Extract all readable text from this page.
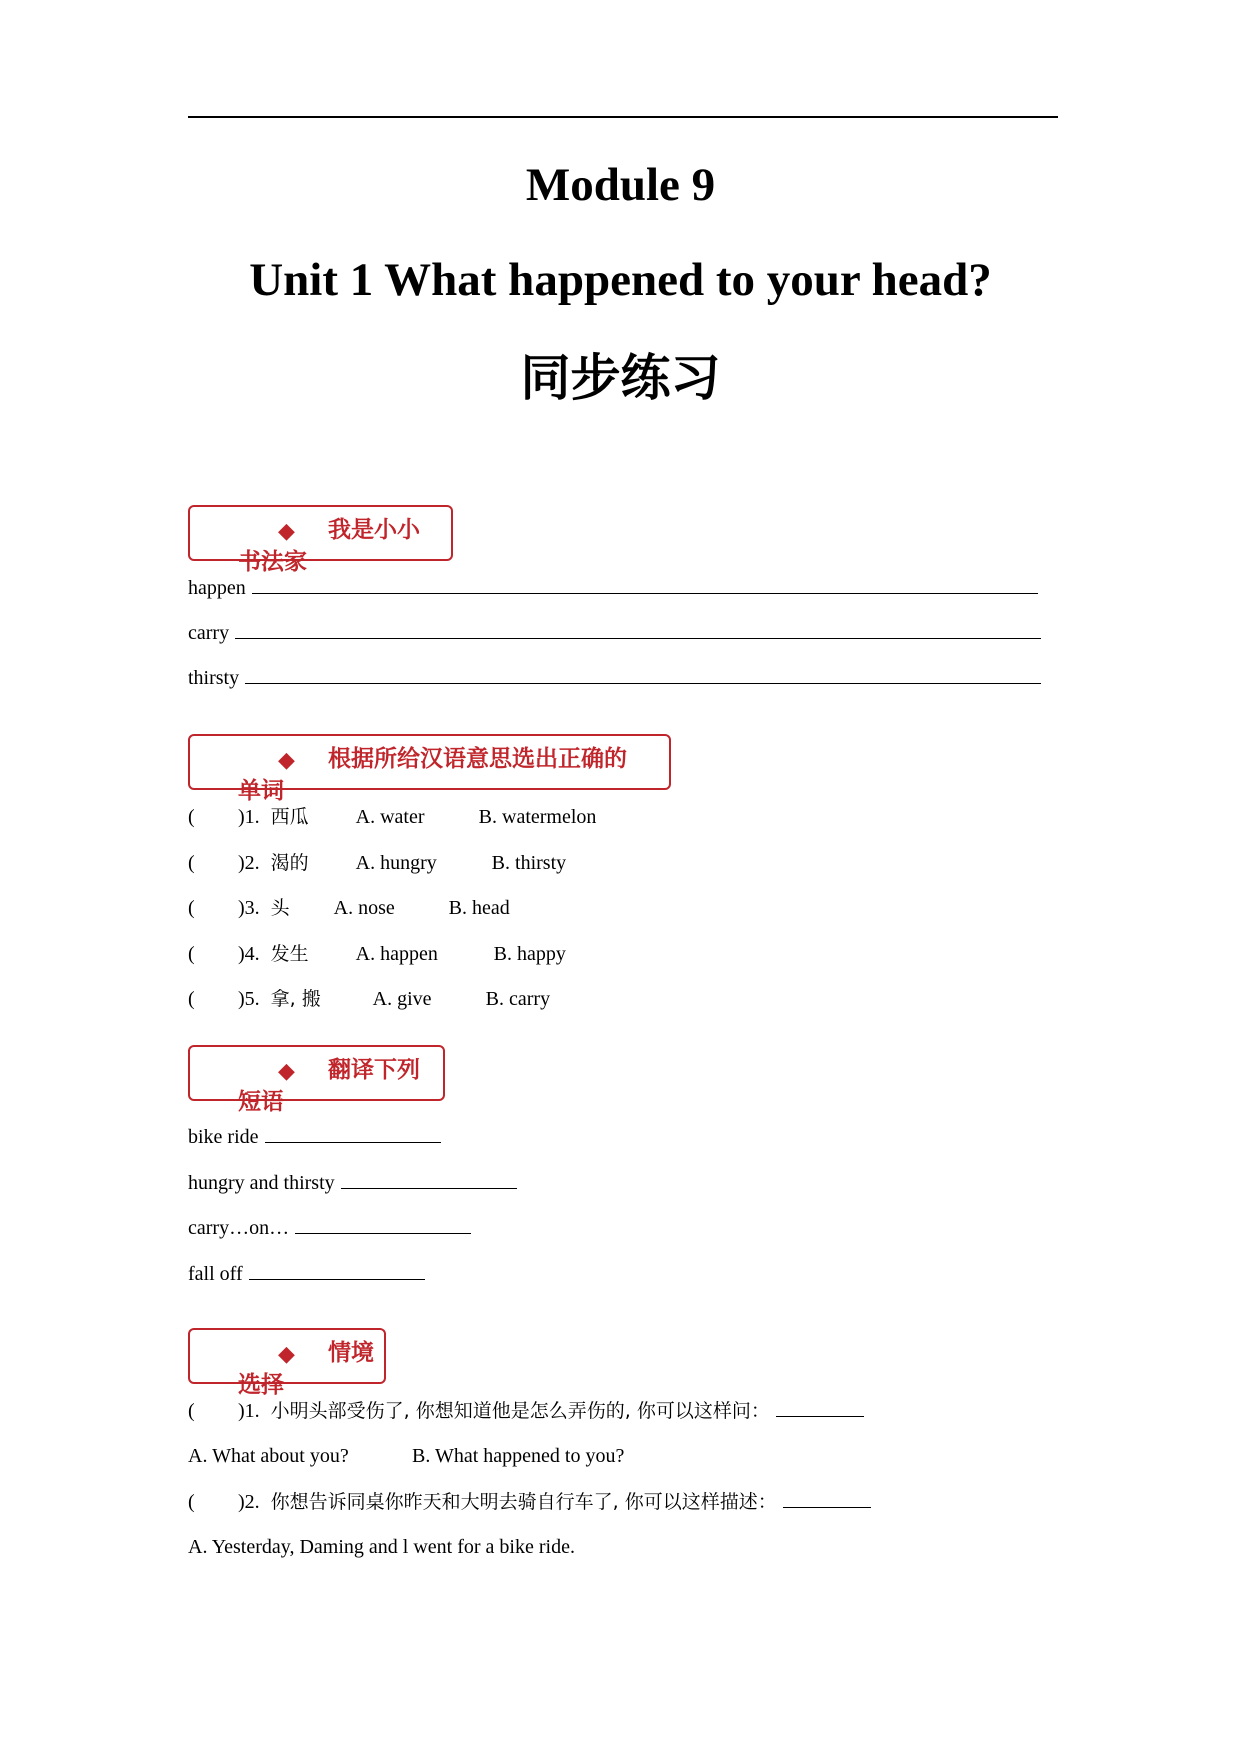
Module 9
Unit 1 What happened to your head?
同步练习
◆ 我是小小
书法家
happen
carry
thirsty
◆ 根据所给汉语意思选出正确的
单词
( )1. 西瓜 A. water	B. watermelon
( )2. 渴的 A. hungry	B. thirsty
( )3. 头 A. nose	B. head
( )4. 发生 A. happen	B. happy
( )5. 拿, 搬	A. give	B. carry
◆ 翻译下列
短语
bike ride
hungry and thirsty
carry…on…
fall off
◆ 情境
选择
( )1. 小明头部受伤了, 你想知道他是怎么弄伤的, 你可以这样问：
A. What about you?	B. What happened to you?
( )2. 你想告诉同桌你昨天和大明去骑自行车了, 你可以这样描述：
A. Yesterday, Daming and l went for a bike ride.
